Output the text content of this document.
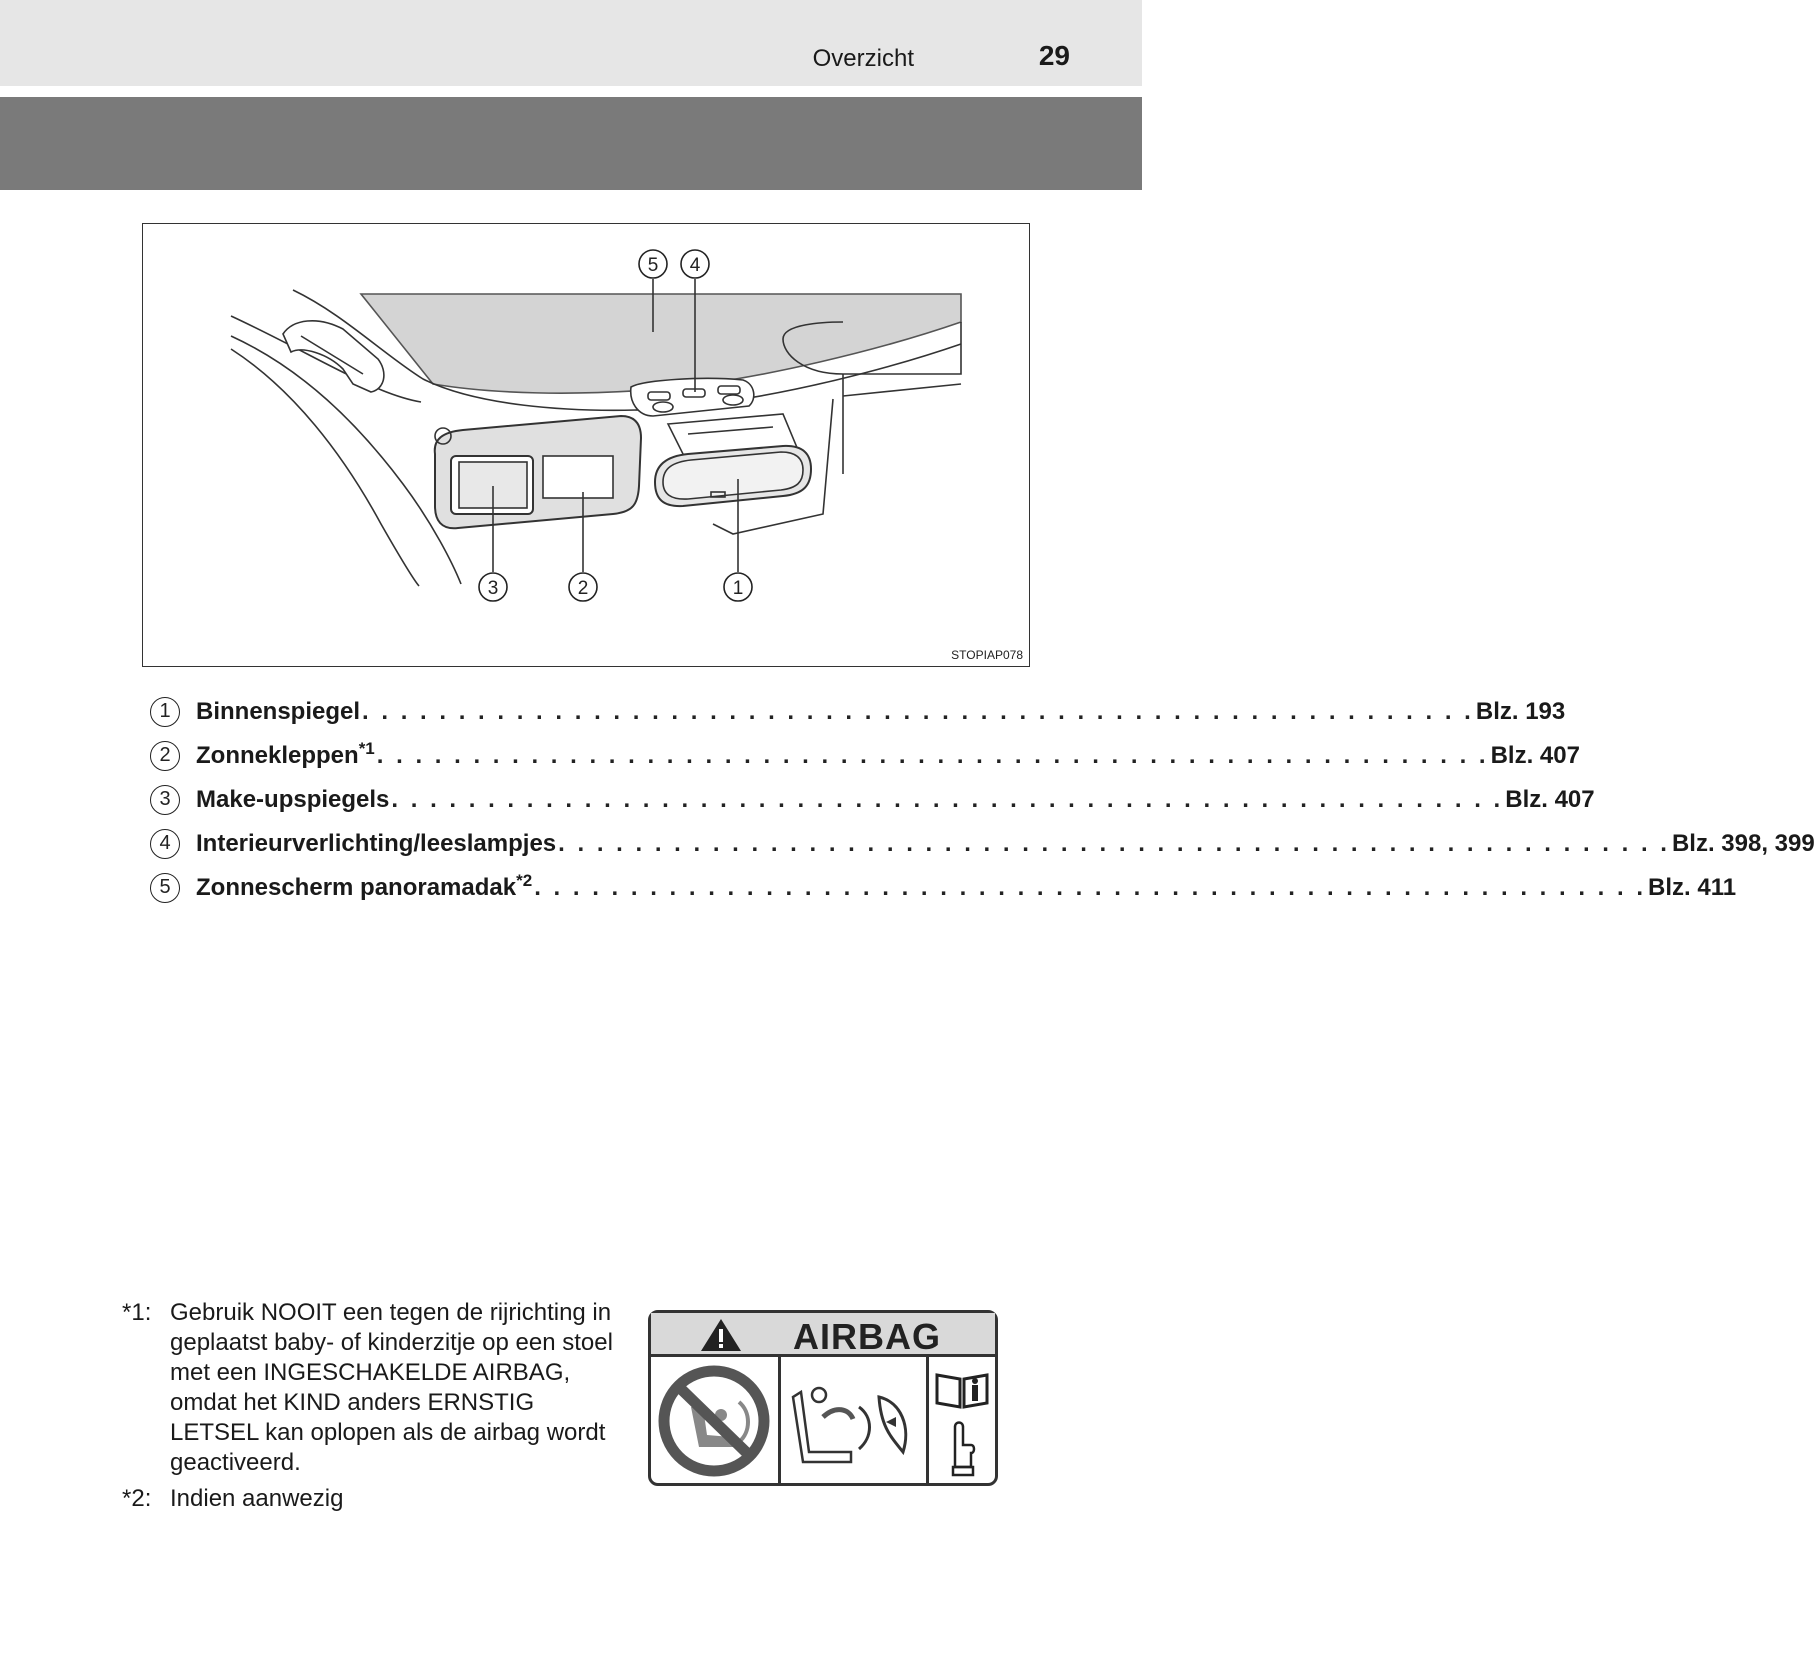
Overzicht	29
5 4
1
2
3
STOPIAP078
1	Binnenspiegel . . . . . . . . . . . . . . . . . . . . . . . . . . . . . . . . . . . . . . . . . . . . . . . . . . . . . . . . . . Blz. 193
2	Zonnekleppen$^{*1}$ . . . . . . . . . . . . . . . . . . . . . . . . . . . . . . . . . . . . . . . . . . . . . . . . . . . . . . . . . . Blz. 407
3	Make-upspiegels . . . . . . . . . . . . . . . . . . . . . . . . . . . . . . . . . . . . . . . . . . . . . . . . . . . . . . . . . . Blz. 407
4	Interieurverlichting/leeslampjes . . . . . . . . . . . . . . . . . . . . . . . . . . . . . . . . . . . . . . . . . . . . . . . . . . . . . . . . . . Blz. 398, 399
5	Zonnescherm panoramadak$^{*2}$ . . . . . . . . . . . . . . . . . . . . . . . . . . . . . . . . . . . . . . . . . . . . . . . . . . . . . . . . . . Blz. 411
*1: Gebruik NOOIT een tegen de rijrichting in geplaatst baby- of kinderzitje op een stoel met een INGESCHAKELDE AIRBAG, omdat het KIND anders ERNSTIG LETSEL kan oplopen als de airbag wordt geactiveerd.
*2: Indien aanwezig
AIRBAG
